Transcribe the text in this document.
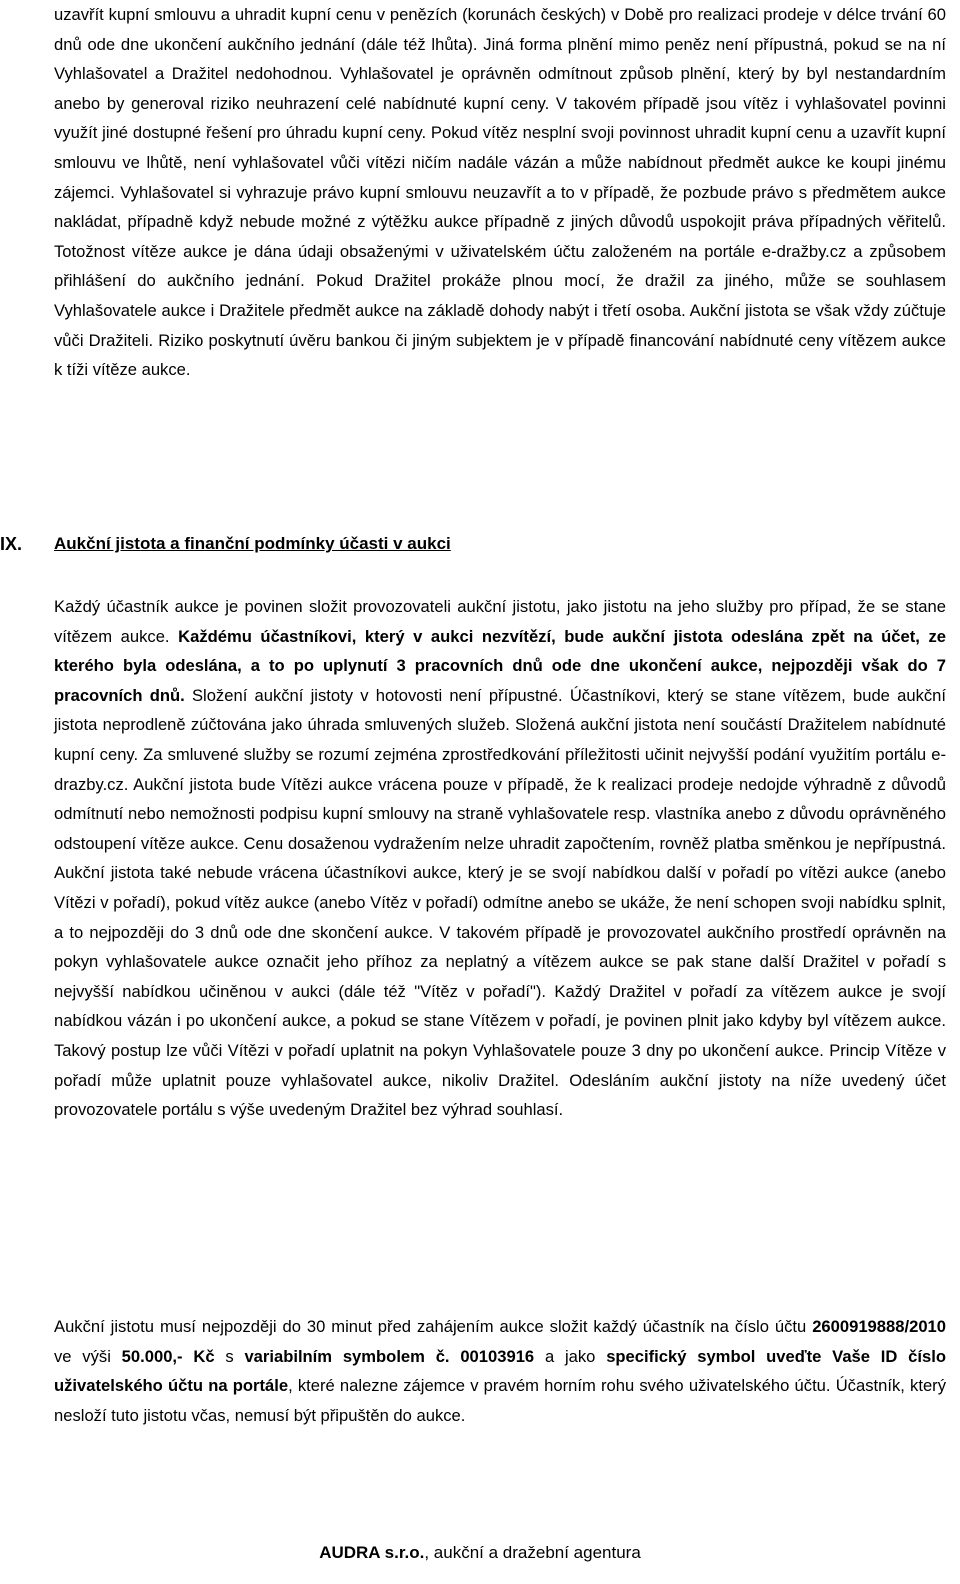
uzavřít kupní smlouvu a uhradit kupní cenu v penězích (korunách českých) v Době pro realizaci prodeje v délce trvání 60 dnů ode dne ukončení aukčního jednání (dále též lhůta). Jiná forma plnění mimo peněz není přípustná, pokud se na ní Vyhlašovatel a Dražitel nedohodnou. Vyhlašovatel je oprávněn odmítnout způsob plnění, který by byl nestandardním anebo by generoval riziko neuhrazení celé nabídnuté kupní ceny. V takovém případě jsou vítěz i vyhlašovatel povinni využít jiné dostupné řešení pro úhradu kupní ceny. Pokud vítěz nesplní svoji povinnost uhradit kupní cenu a uzavřít kupní smlouvu ve lhůtě, není vyhlašovatel vůči vítězi ničím nadále vázán a může nabídnout předmět aukce ke koupi jinému zájemci. Vyhlašovatel si vyhrazuje právo kupní smlouvu neuzavřít a to v případě, že pozbude právo s předmětem aukce nakládat, případně když nebude možné z výtěžku aukce případně z jiných důvodů uspokojit práva případných věřitelů. Totožnost vítěze aukce je dána údaji obsaženými v uživatelském účtu založeném na portále e-dražby.cz a způsobem přihlášení do aukčního jednání. Pokud Dražitel prokáže plnou mocí, že dražil za jiného, může se souhlasem Vyhlašovatele aukce i Dražitele předmět aukce na základě dohody nabýt i třetí osoba. Aukční jistota se však vždy zúčtuje vůči Dražiteli. Riziko poskytnutí úvěru bankou či jiným subjektem je v případě financování nabídnuté ceny vítězem aukce k tíži vítěze aukce.

IX. Aukční jistota a finanční podmínky účasti v aukci

Každý účastník aukce je povinen složit provozovateli aukční jistotu, jako jistotu na jeho služby pro případ, že se stane vítězem aukce. Každému účastníkovi, který v aukci nezvítězí, bude aukční jistota odeslána zpět na účet, ze kterého byla odeslána, a to po uplynutí 3 pracovních dnů ode dne ukončení aukce, nejpozději však do 7 pracovních dnů. Složení aukční jistoty v hotovosti není přípustné. Účastníkovi, který se stane vítězem, bude aukční jistota neprodleně zúčtována jako úhrada smluvených služeb. Složená aukční jistota není součástí Dražitelem nabídnuté kupní ceny. Za smluvené služby se rozumí zejména zprostředkování příležitosti učinit nejvyšší podání využitím portálu e-drazby.cz. Aukční jistota bude Vítězi aukce vrácena pouze v případě, že k realizaci prodeje nedojde výhradně z důvodů odmítnutí nebo nemožnosti podpisu kupní smlouvy na straně vyhlašovatele resp. vlastníka anebo z důvodu oprávněného odstoupení vítěze aukce. Cenu dosaženou vydražením nelze uhradit započtením, rovněž platba směnkou je nepřípustná. Aukční jistota také nebude vrácena účastníkovi aukce, který je se svojí nabídkou další v pořadí po vítězi aukce (anebo Vítězi v pořadí), pokud vítěz aukce (anebo Vítěz v pořadí) odmítne anebo se ukáže, že není schopen svoji nabídku splnit, a to nejpozději do 3 dnů ode dne skončení aukce. V takovém případě je provozovatel aukčního prostředí oprávněn na pokyn vyhlašovatele aukce označit jeho příhoz za neplatný a vítězem aukce se pak stane další Dražitel v pořadí s nejvyšší nabídkou učiněnou v aukci (dále též "Vítěz v pořadí"). Každý Dražitel v pořadí za vítězem aukce je svojí nabídkou vázán i po ukončení aukce, a pokud se stane Vítězem v pořadí, je povinen plnit jako kdyby byl vítězem aukce. Takový postup lze vůči Vítězi v pořadí uplatnit na pokyn Vyhlašovatele pouze 3 dny po ukončení aukce. Princip Vítěze v pořadí může uplatnit pouze vyhlašovatel aukce, nikoliv Dražitel. Odesláním aukční jistoty na níže uvedený účet provozovatele portálu s výše uvedeným Dražitel bez výhrad souhlasí.

Aukční jistotu musí nejpozději do 30 minut před zahájením aukce složit každý účastník na číslo účtu 2600919888/2010 ve výši 50.000,- Kč s variabilním symbolem č. 00103916 a jako specifický symbol uveďte Vaše ID číslo uživatelského účtu na portále, které nalezne zájemce v pravém horním rohu svého uživatelského účtu. Účastník, který nesloží tuto jistotu včas, nemusí být připuštěn do aukce.

AUDRA s.r.o., aukční a dražební agentura
